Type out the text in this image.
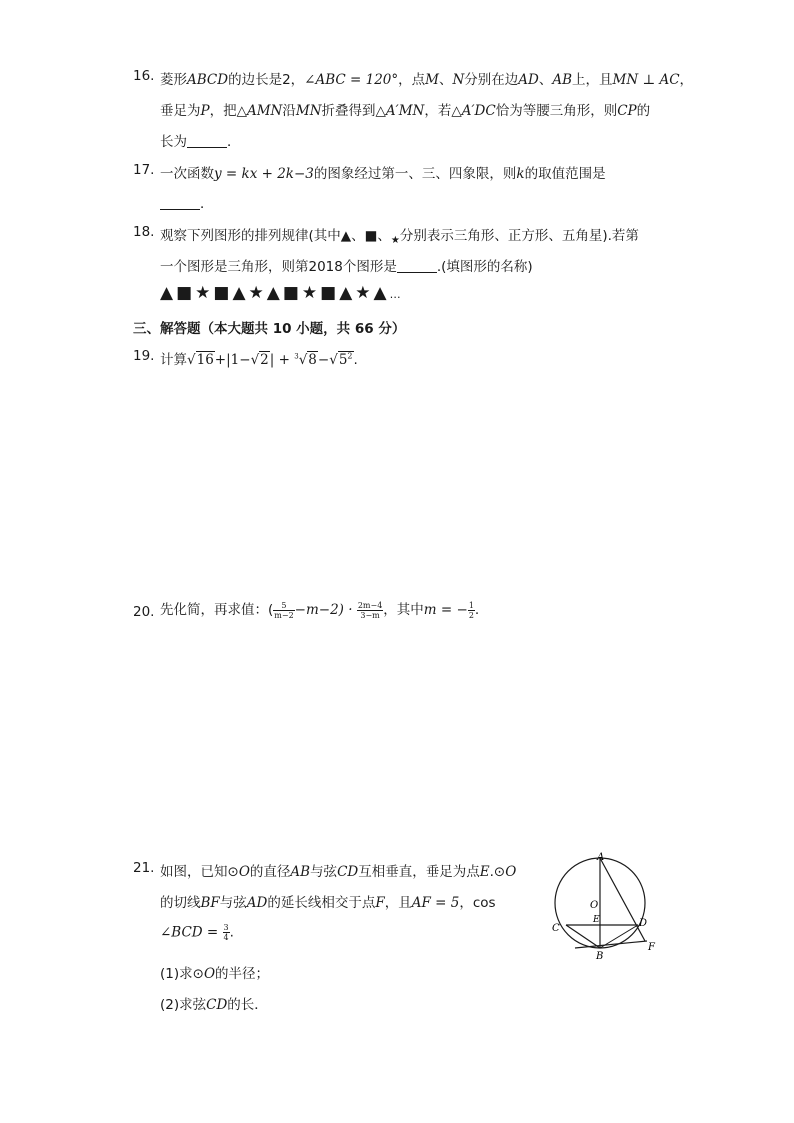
16. 菱形ABCD的边长是2，∠ABC = 120°，点M、N分别在边AD、AB上，且MN ⊥ AC，
垂足为P，把△AMN沿MN折叠得到△A′MN，若△A′DC恰为等腰三角形，则CP的
长为	．
17. 一次函数y = kx + 2k−3的图象经过第一、三、四象限，则k的取值范围是
．
18. 观察下列图形的排列规律(其中▲、■、$_★$分别表示三角形、正方形、五角星).若第
一个图形是三角形，则第2018个图形是	.(填图形的名称)
▲■★■▲★▲■★■▲★▲…
三、解答题（本大题共 10 小题，共 66 分）
19. 计算$√16+|1-√2| + ^3√8-√5^2$.
20. 先化简，再求值：( $\frac{5}{m-2} -m-2) \cdot \frac{2m-4}{3-m}$ ，其中m = − $\frac{1}{2}$ .
21. 如图，已知⊙O的直径AB与弦CD互相垂直，垂足为点E.⊙O
的切线BF与弦AD的延长线相交于点F，且AF = 5，cos
∠BCD = $\frac{3}{4}$ .
(1)求⊙O的半径；
(2)求弦CD的长．
A
O
E
C	D
B
F
